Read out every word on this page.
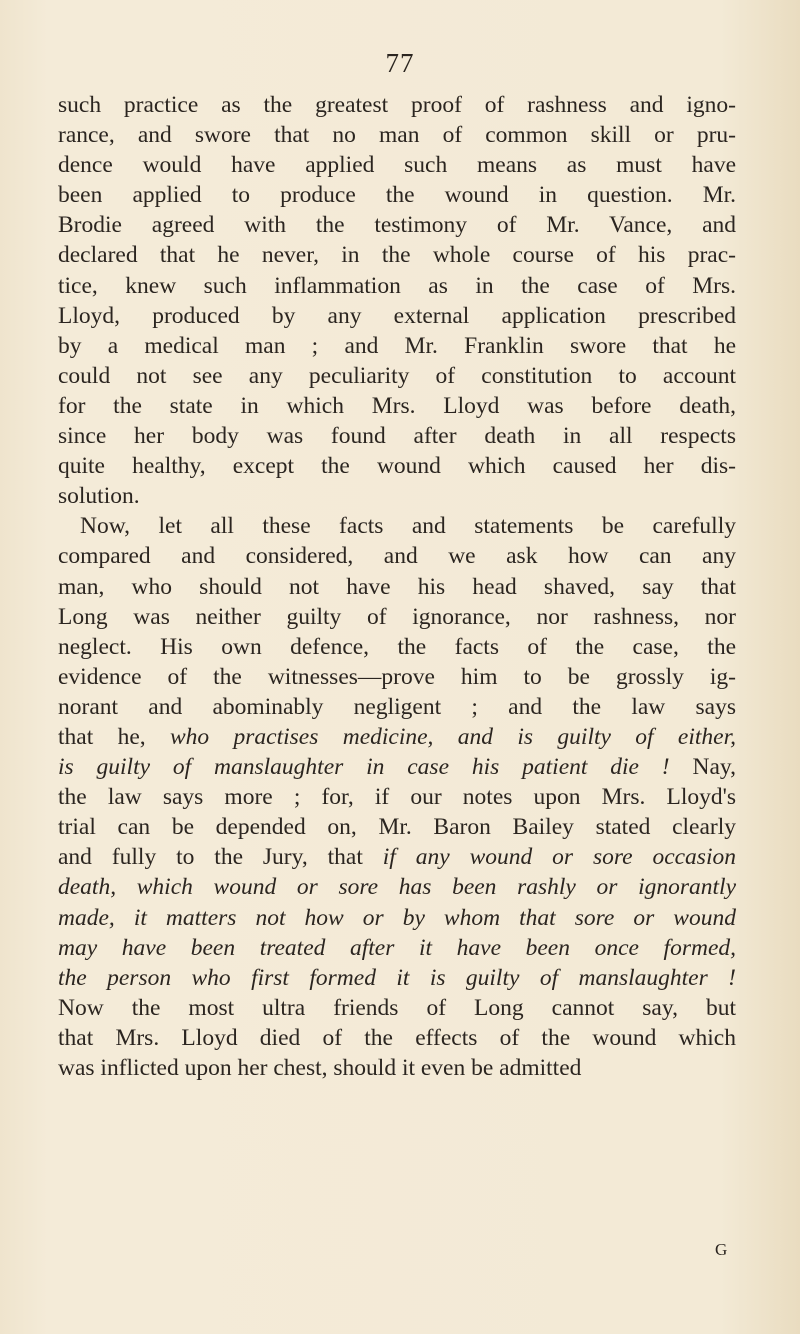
77
such practice as the greatest proof of rashness and igno-
rance, and swore that no man of common skill or pru-
dence would have applied such means as must have
been applied to produce the wound in question. Mr.
Brodie agreed with the testimony of Mr. Vance, and
declared that he never, in the whole course of his prac-
tice, knew such inflammation as in the case of Mrs.
Lloyd, produced by any external application prescribed
by a medical man ; and Mr. Franklin swore that he
could not see any peculiarity of constitution to account
for the state in which Mrs. Lloyd was before death,
since her body was found after death in all respects
quite healthy, except the wound which caused her dis-
solution.
Now, let all these facts and statements be carefully
compared and considered, and we ask how can any
man, who should not have his head shaved, say that
Long was neither guilty of ignorance, nor rashness, nor
neglect. His own defence, the facts of the case, the
evidence of the witnesses—prove him to be grossly ig-
norant and abominably negligent ; and the law says
that he, who practises medicine, and is guilty of either,
is guilty of manslaughter in case his patient die ! Nay,
the law says more ; for, if our notes upon Mrs. Lloyd's
trial can be depended on, Mr. Baron Bailey stated clearly
and fully to the Jury, that if any wound or sore occasion
death, which wound or sore has been rashly or ignorantly
made, it matters not how or by whom that sore or wound
may have been treated after it have been once formed,
the person who first formed it is guilty of manslaughter !
Now the most ultra friends of Long cannot say, but
that Mrs. Lloyd died of the effects of the wound which
was inflicted upon her chest, should it even be admitted
G
